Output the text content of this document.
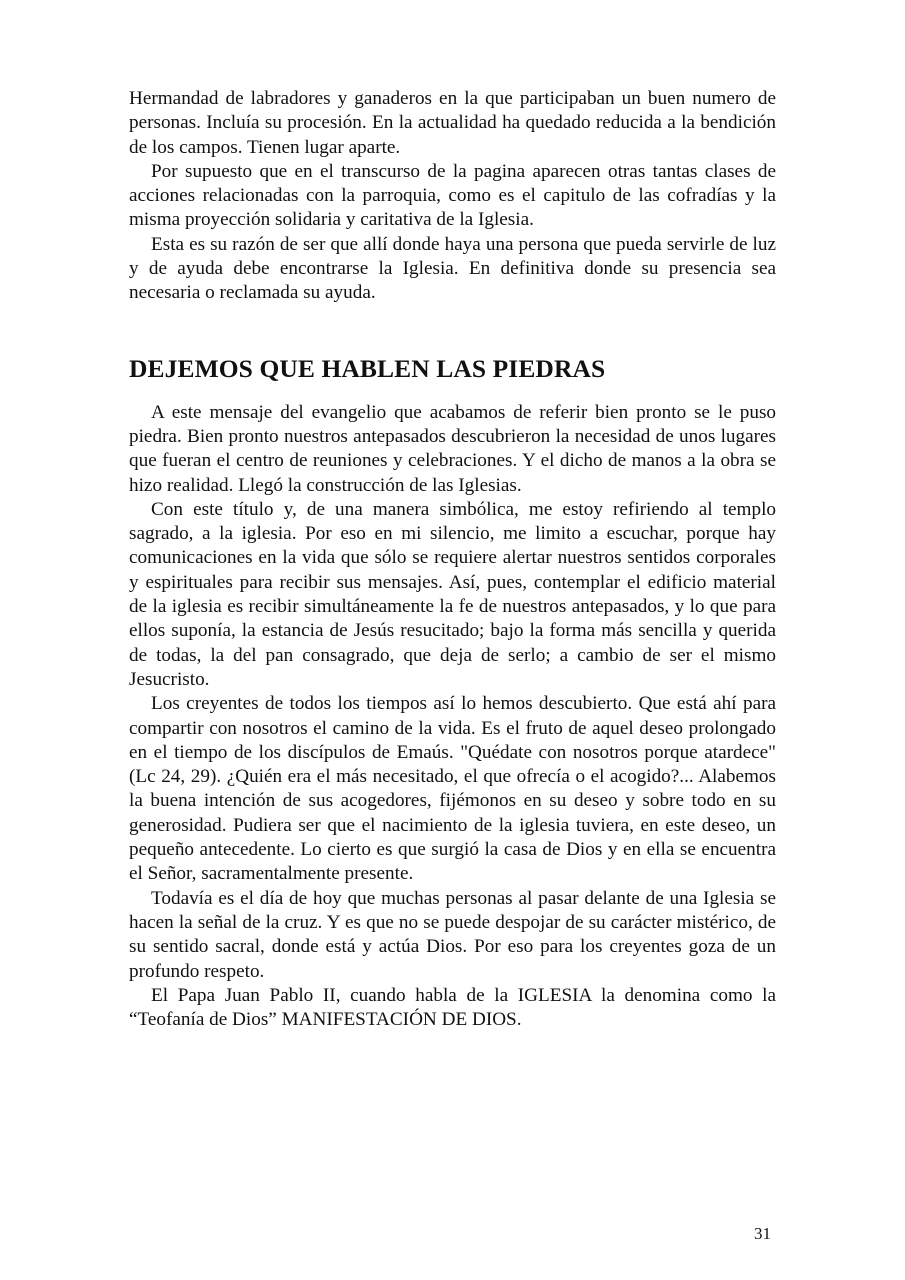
Hermandad de labradores y ganaderos en la que participaban un buen numero de personas. Incluía su procesión. En la actualidad ha quedado reducida a la bendición de los campos. Tienen lugar aparte.

Por supuesto que en el transcurso de la pagina aparecen otras tantas clases de acciones relacionadas con la parroquia, como es el capitulo de las cofradías y la misma proyección solidaria y caritativa de la Iglesia.

Esta es su razón de ser que allí donde haya una persona que pueda servirle de luz y de ayuda debe encontrarse la Iglesia. En definitiva donde su presencia sea necesaria o reclamada su ayuda.

DEJEMOS QUE HABLEN LAS PIEDRAS

A este mensaje del evangelio que acabamos de referir bien pronto se le puso piedra. Bien pronto nuestros antepasados descubrieron la necesidad de unos lugares que fueran el centro de reuniones y celebraciones. Y el dicho de manos a la obra se hizo realidad. Llegó la construcción de las Iglesias.

Con este título y, de una manera simbólica, me estoy refiriendo al templo sagrado, a la iglesia. Por eso en mi silencio, me limito a escuchar, porque hay comunicaciones en la vida que sólo se requiere alertar nuestros sentidos corporales y espirituales para recibir sus mensajes. Así, pues, contemplar el edificio material de la iglesia es recibir simultáneamente la fe de nuestros antepasados, y lo que para ellos suponía, la estancia de Jesús resucitado; bajo la forma más sencilla y querida de todas, la del pan consagrado, que deja de serlo; a cambio de ser el mismo Jesucristo.

Los creyentes de todos los tiempos así lo hemos descubierto. Que está ahí para compartir con nosotros el camino de la vida. Es el fruto de aquel deseo prolongado en el tiempo de los discípulos de Emaús. "Quédate con nosotros porque atardece" (Lc 24, 29). ¿Quién era el más necesitado, el que ofrecía o el acogido?... Alabemos la buena intención de sus acogedores, fijémonos en su deseo y sobre todo en su generosidad. Pudiera ser que el nacimiento de la iglesia tuviera, en este deseo, un pequeño antecedente. Lo cierto es que surgió la casa de Dios y en ella se encuentra el Señor, sacramentalmente presente.

Todavía es el día de hoy que muchas personas al pasar delante de una Iglesia se hacen la señal de la cruz. Y es que no se puede despojar de su carácter mistérico, de su sentido sacral, donde está y actúa Dios. Por eso para los creyentes goza de un profundo respeto.

El Papa Juan Pablo II, cuando habla de la IGLESIA la denomina como la “Teofanía de Dios” MANIFESTACIÓN DE DIOS.

31
